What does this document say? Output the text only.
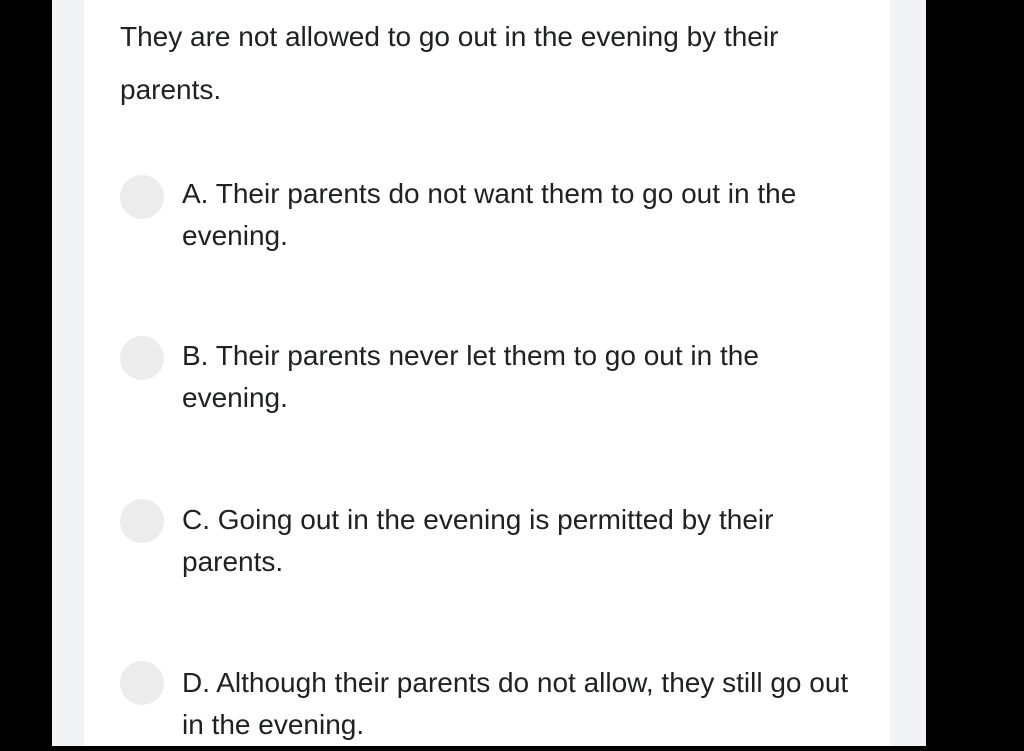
They are not allowed to go out in the evening by their parents.

A. Their parents do not want them to go out in the evening.
B. Their parents never let them to go out in the evening.
C. Going out in the evening is permitted by their parents.
D. Although their parents do not allow, they still go out in the evening.
